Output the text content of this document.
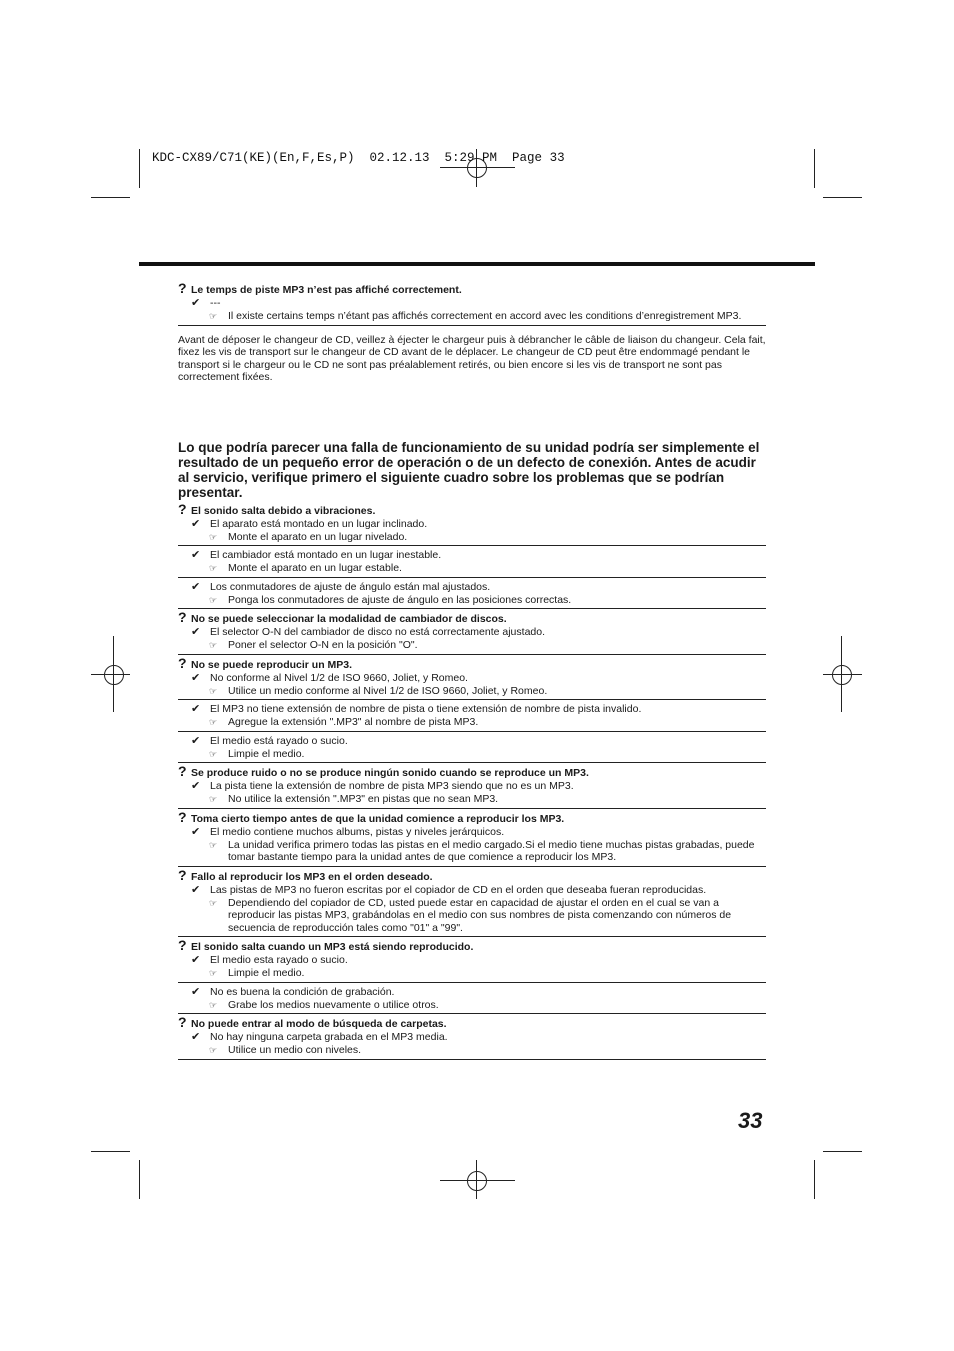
KDC-CX89/C71(KE)(En,F,Es,P)  02.12.13  5:29 PM  Page 33
? Le temps de piste MP3 n’est pas affiché correctement.
✔ ---
☞ Il existe certains temps n’étant pas affichés correctement en accord avec les conditions d’enregistrement MP3.
Avant de déposer le changeur de CD, veillez à éjecter le chargeur puis à débrancher le câble de liaison du changeur. Cela fait, fixez les vis de transport sur le changeur de CD avant de le déplacer. Le changeur de CD peut être endommagé pendant le transport si le chargeur ou le CD ne sont pas préalablement retirés, ou bien encore si les vis de transport ne sont pas correctement fixées.
Lo que podría parecer una falla de funcionamiento de su unidad podría ser simplemente el resultado de un pequeño error de operación o de un defecto de conexión. Antes de acudir al servicio, verifique primero el siguiente cuadro sobre los problemas que se podrían presentar.
? El sonido salta debido a vibraciones.
✔ El aparato está montado en un lugar inclinado.
☞ Monte el aparato en un lugar nivelado.
✔ El cambiador está montado en un lugar inestable.
☞ Monte el aparato en un lugar estable.
✔ Los conmutadores de ajuste de ángulo están mal ajustados.
☞ Ponga los conmutadores de ajuste de ángulo en las posiciones correctas.
? No se puede seleccionar la modalidad de cambiador de discos.
✔ El selector O-N del cambiador de disco no está correctamente ajustado.
☞ Poner el selector O-N en la posición "O".
? No se puede reproducir un MP3.
✔ No conforme al Nivel 1/2 de ISO 9660, Joliet, y Romeo.
☞ Utilice un medio conforme al Nivel 1/2 de ISO 9660, Joliet, y Romeo.
✔ El MP3 no tiene extensión de nombre de pista o tiene extensión de nombre de pista invalido.
☞ Agregue la extensión ".MP3" al nombre de pista MP3.
✔ El medio está rayado o sucio.
☞ Limpie el medio.
? Se produce ruido o no se produce ningún sonido cuando se reproduce un MP3.
✔ La pista tiene la extensión de nombre de pista MP3 siendo que no es un MP3.
☞ No utilice la extensión ".MP3" en pistas que no sean MP3.
? Toma cierto tiempo antes de que la unidad comience a reproducir los MP3.
✔ El medio contiene muchos albums, pistas y niveles jerárquicos.
☞ La unidad verifica primero todas las pistas en el medio cargado.Si el medio tiene muchas pistas grabadas, puede tomar bastante tiempo para la unidad antes de que comience a reproducir los MP3.
? Fallo al reproducir los MP3 en el orden deseado.
✔ Las pistas de MP3 no fueron escritas por el copiador de CD en el orden que deseaba fueran reproducidas.
☞ Dependiendo del copiador de CD, usted puede estar en capacidad de ajustar el orden en el cual se van a reproducir las pistas MP3, grabándolas en el medio con sus nombres de pista comenzando con números de secuencia de reproducción tales como "01" a "99".
? El sonido salta cuando un MP3 está siendo reproducido.
✔ El medio esta rayado o sucio.
☞ Limpie el medio.
✔ No es buena la condición de grabación.
☞ Grabe los medios nuevamente o utilice otros.
? No puede entrar al modo de búsqueda de carpetas.
✔ No hay ninguna carpeta grabada en el MP3 media.
☞ Utilice un medio con niveles.
33
